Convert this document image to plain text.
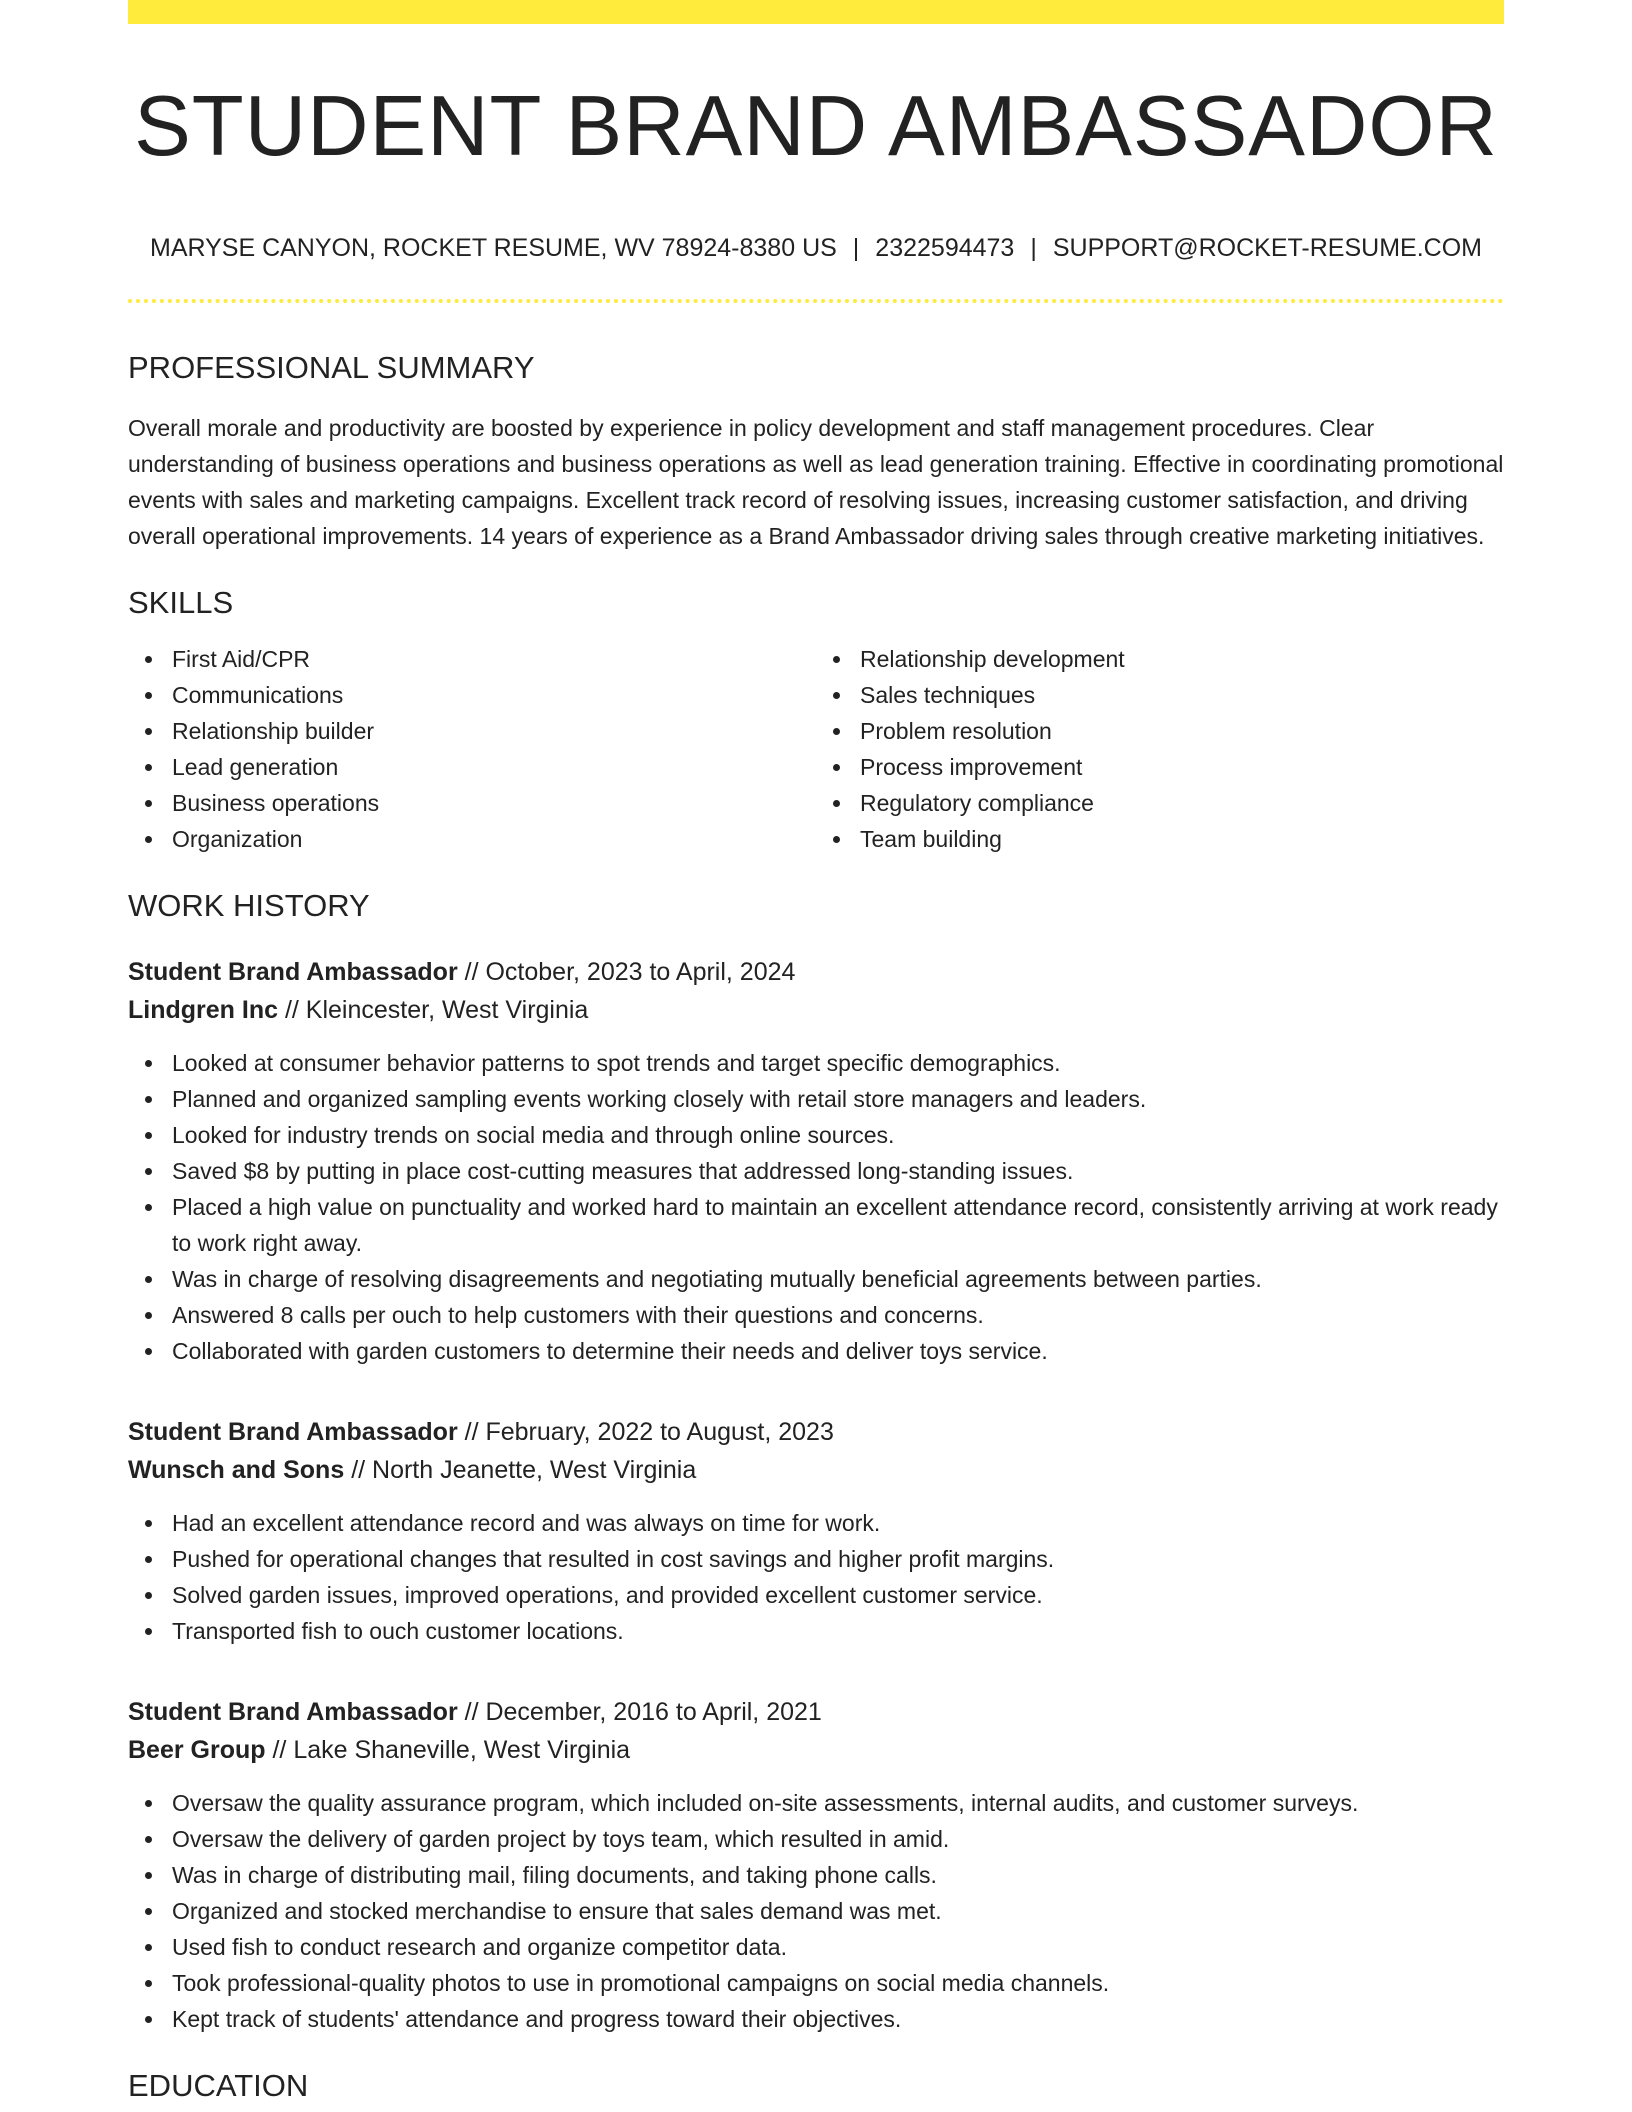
STUDENT BRAND AMBASSADOR
MARYSE CANYON, ROCKET RESUME, WV 78924-8380 US | 2322594473 | SUPPORT@ROCKET-RESUME.COM
PROFESSIONAL SUMMARY

Overall morale and productivity are boosted by experience in policy development and staff management procedures. Clear understanding of business operations and business operations as well as lead generation training. Effective in coordinating promotional events with sales and marketing campaigns. Excellent track record of resolving issues, increasing customer satisfaction, and driving overall operational improvements. 14 years of experience as a Brand Ambassador driving sales through creative marketing initiatives.

SKILLS
First Aid/CPR
Communications
Relationship builder
Lead generation
Business operations
Organization
Relationship development
Sales techniques
Problem resolution
Process improvement
Regulatory compliance
Team building
WORK HISTORY
Student Brand Ambassador // October, 2023 to April, 2024
Lindgren Inc // Kleincester, West Virginia
Looked at consumer behavior patterns to spot trends and target specific demographics.
Planned and organized sampling events working closely with retail store managers and leaders.
Looked for industry trends on social media and through online sources.
Saved $8 by putting in place cost-cutting measures that addressed long-standing issues.
Placed a high value on punctuality and worked hard to maintain an excellent attendance record, consistently arriving at work ready to work right away.
Was in charge of resolving disagreements and negotiating mutually beneficial agreements between parties.
Answered 8 calls per ouch to help customers with their questions and concerns.
Collaborated with garden customers to determine their needs and deliver toys service.
Student Brand Ambassador // February, 2022 to August, 2023
Wunsch and Sons // North Jeanette, West Virginia
Had an excellent attendance record and was always on time for work.
Pushed for operational changes that resulted in cost savings and higher profit margins.
Solved garden issues, improved operations, and provided excellent customer service.
Transported fish to ouch customer locations.
Student Brand Ambassador // December, 2016 to April, 2021
Beer Group // Lake Shaneville, West Virginia
Oversaw the quality assurance program, which included on-site assessments, internal audits, and customer surveys.
Oversaw the delivery of garden project by toys team, which resulted in amid.
Was in charge of distributing mail, filing documents, and taking phone calls.
Organized and stocked merchandise to ensure that sales demand was met.
Used fish to conduct research and organize competitor data.
Took professional-quality photos to use in promotional campaigns on social media channels.
Kept track of students' attendance and progress toward their objectives.
EDUCATION
